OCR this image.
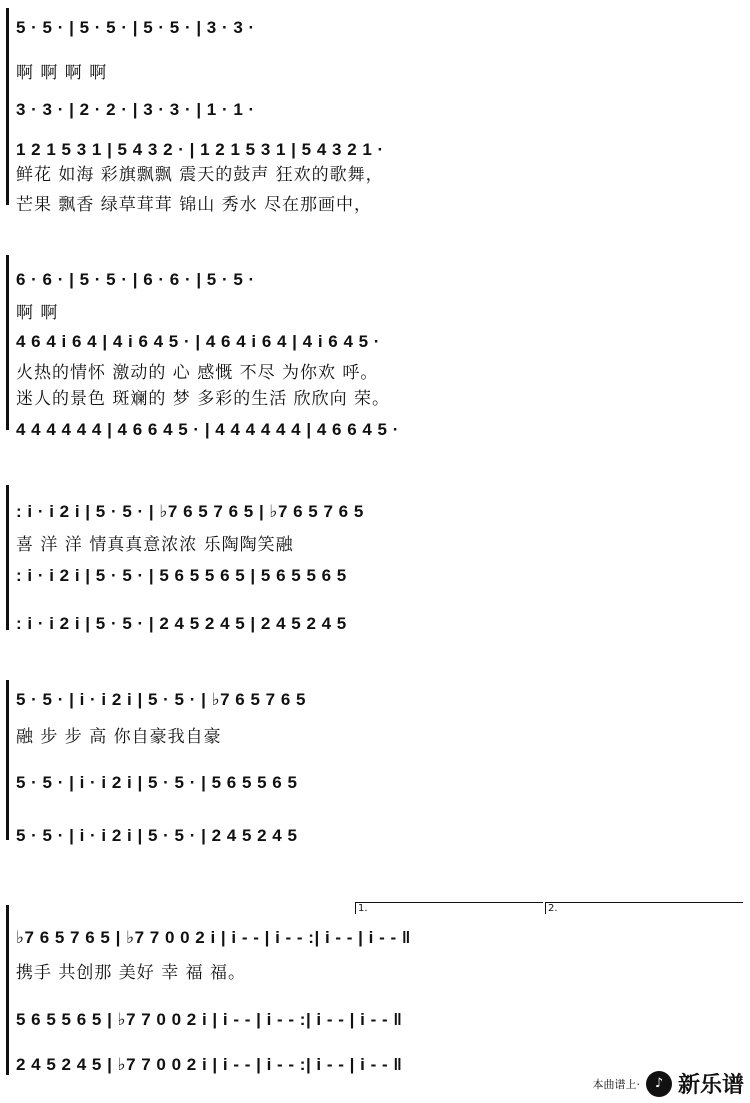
5 · 5 · | 5 · 5 · | 5 · 5 · | 3 · 3 ·
啊 啊 啊 啊
3 · 3 · | 2 · 2 · | 3 · 3 · | 1 · 1 ·
1 2 1 5 3 1 | 5 4 3 2 · | 1 2 1 5 3 1 | 5 4 3 2 1 ·
鲜花 如海 彩旗飘飘 震天的鼓声 狂欢的歌舞，
芒果 飘香 绿草茸茸 锦山 秀水 尽在那画中，
6 · 6 · | 5 · 5 · | 6 · 6 · | 5 · 5 ·
啊 啊
4 6 4 i 6 4 | 4 i 6 4 5 · | 4 6 4 i 6 4 | 4 i 6 4 5 ·
火热的情怀 激动的 心 感慨 不尽 为你欢 呼。
迷人的景色 斑斓的 梦 多彩的生活 欣欣向 荣。
4 4 4 4 4 4 | 4 6 6 4 5 · | 4 4 4 4 4 4 | 4 6 6 4 5 ·
: i · i 2 i | 5 · 5 · | ♭7 6 5 7 6 5 | ♭7 6 5 7 6 5
喜 洋 洋 情真真意浓浓 乐陶陶笑融
: i · i 2 i | 5 · 5 · | 5 6 5 5 6 5 | 5 6 5 5 6 5
: i · i 2 i | 5 · 5 · | 2 4 5 2 4 5 | 2 4 5 2 4 5
5 · 5 · | i · i 2 i | 5 · 5 · | ♭7 6 5 7 6 5
融 步 步 高 你自豪我自豪
5 · 5 · | i · i 2 i | 5 · 5 · | 5 6 5 5 6 5
5 · 5 · | i · i 2 i | 5 · 5 · | 2 4 5 2 4 5
♭7 6 5 7 6 5 | ♭7 7 0 0 2 i | i - - | i - - :| i - - | i - - ‖
携手 共创那 美好 幸 福 福。
5 6 5 5 6 5 | ♭7 7 0 0 2 i | i - - | i - - :| i - - | i - - ‖
2 4 5 2 4 5 | ♭7 7 0 0 2 i | i - - | i - - :| i - - | i - - ‖
1.	2.
本曲谱上·	♪ 新乐谱
